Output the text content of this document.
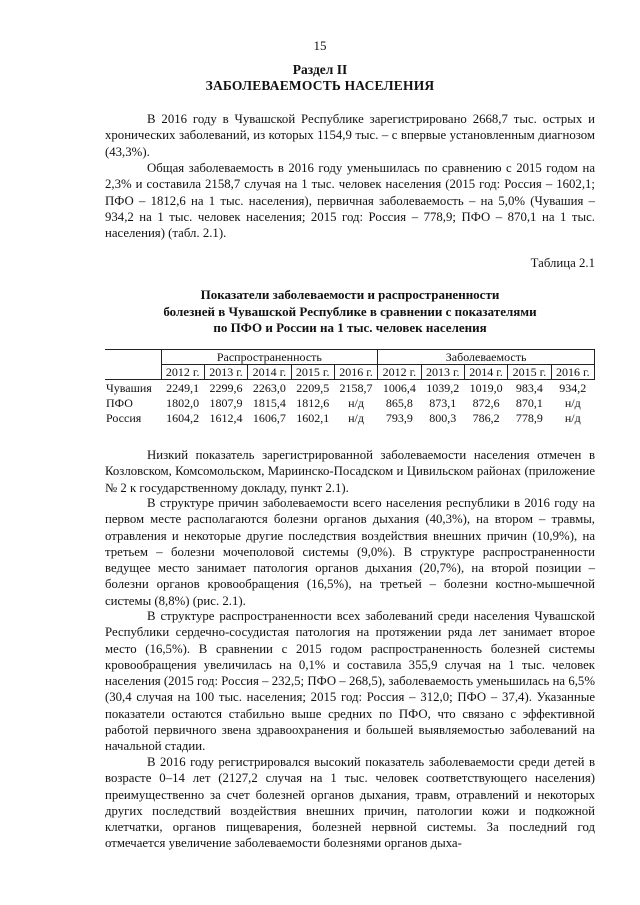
15
Раздел II
ЗАБОЛЕВАЕМОСТЬ НАСЕЛЕНИЯ

В 2016 году в Чувашской Республике зарегистрировано 2668,7 тыс. острых и хронических заболеваний, из которых 1154,9 тыс. – с впервые установленным диагнозом (43,3%).

Общая заболеваемость в 2016 году уменьшилась по сравнению с 2015 годом на 2,3% и составила 2158,7 случая на 1 тыс. человек населения (2015 год: Россия – 1602,1; ПФО – 1812,6 на 1 тыс. населения), первичная заболеваемость – на 5,0% (Чувашия – 934,2 на 1 тыс. человек населения; 2015 год: Россия – 778,9; ПФО – 870,1 на 1 тыс. населения) (табл. 2.1).

Таблица 2.1
Показатели заболеваемости и распространенности
болезней в Чувашской Республике в сравнении с показателями
по ПФО и России на 1 тыс. человек населения
	Распространенность					Заболеваемость				
	2012 г.	2013 г.	2014 г.	2015 г.	2016 г.	2012 г.	2013 г.	2014 г.	2015 г.	2016 г.
Чувашия	2249,1	2299,6	2263,0	2209,5	2158,7	1006,4	1039,2	1019,0	983,4	934,2
ПФО	1802,0	1807,9	1815,4	1812,6	н/д	865,8	873,1	872,6	870,1	н/д
Россия	1604,2	1612,4	1606,7	1602,1	н/д	793,9	800,3	786,2	778,9	н/д

Низкий показатель зарегистрированной заболеваемости населения отмечен в Козловском, Комсомольском, Мариинско-Посадском и Цивильском районах (приложение № 2 к государственному докладу, пункт 2.1).

В структуре причин заболеваемости всего населения республики в 2016 году на первом месте располагаются болезни органов дыхания (40,3%), на втором – травмы, отравления и некоторые другие последствия воздействия внешних причин (10,9%), на третьем – болезни мочеполовой системы (9,0%). В структуре распространенности ведущее место занимает патология органов дыхания (20,7%), на второй позиции – болезни органов кровообращения (16,5%), на третьей – болезни костно-мышечной системы (8,8%) (рис. 2.1).

В структуре распространенности всех заболеваний среди населения Чувашской Республики сердечно-сосудистая патология на протяжении ряда лет занимает второе место (16,5%). В сравнении с 2015 годом распространенность болезней системы кровообращения увеличилась на 0,1% и составила 355,9 случая на 1 тыс. человек населения (2015 год: Россия – 232,5; ПФО – 268,5), заболеваемость уменьшилась на 6,5% (30,4 случая на 100 тыс. населения; 2015 год: Россия – 312,0; ПФО – 37,4). Указанные показатели остаются стабильно выше средних по ПФО, что связано с эффективной работой первичного звена здравоохранения и большей выявляемостью заболеваний на начальной стадии.

В 2016 году регистрировался высокий показатель заболеваемости среди детей в возрасте 0–14 лет (2127,2 случая на 1 тыс. человек соответствующего населения) преимущественно за счет болезней органов дыхания, травм, отравлений и некоторых других последствий воздействия внешних причин, патологии кожи и подкожной клетчатки, органов пищеварения, болезней нервной системы. За последний год отмечается увеличение заболеваемости болезнями органов дыха-
